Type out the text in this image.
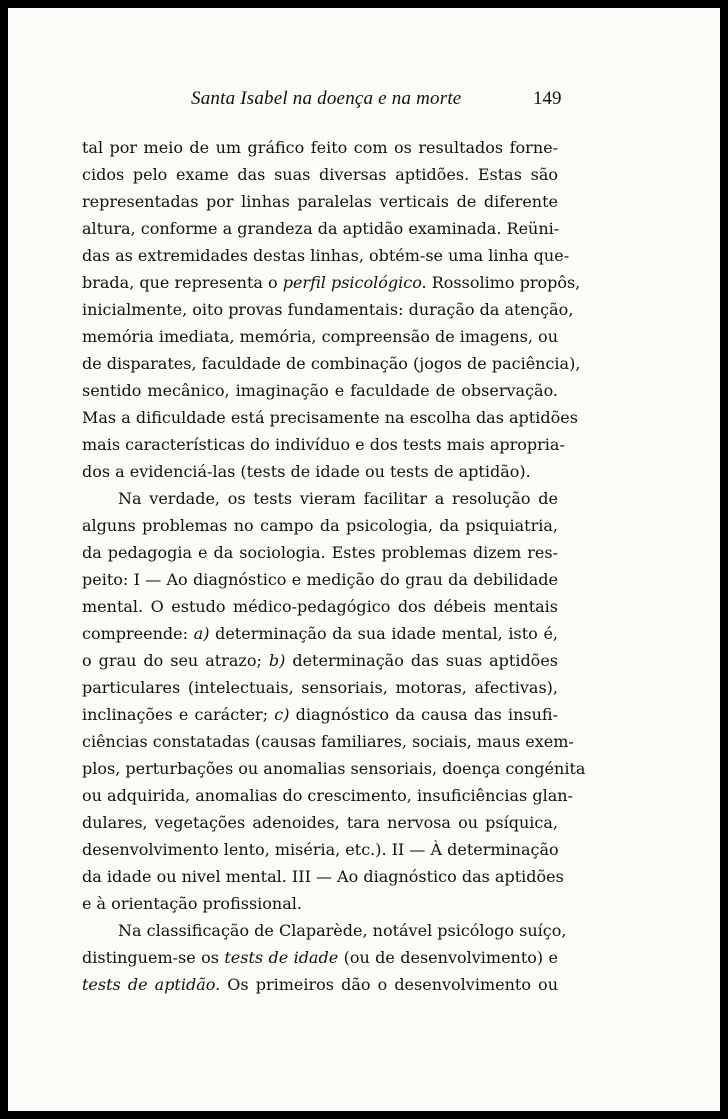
Santa Isabel na doença e na morte	149
tal por meio de um gráfico feito com os resultados forne-
cidos pelo exame das suas diversas aptidões. Estas são
representadas por linhas paralelas verticais de diferente
altura, conforme a grandeza da aptidão examinada. Reüni-
das as extremidades destas linhas, obtém-se uma linha que-
brada, que representa o perfil psicológico. Rossolimo propôs,
inicialmente, oito provas fundamentais: duração da atenção,
memória imediata, memória, compreensão de imagens, ou
de disparates, faculdade de combinação (jogos de paciência),
sentido mecânico, imaginação e faculdade de observação.
Mas a dificuldade está precisamente na escolha das aptidões
mais características do indivíduo e dos tests mais apropria-
dos a evidenciá-las (tests de idade ou tests de aptidão).
Na verdade, os tests vieram facilitar a resolução de
alguns problemas no campo da psicologia, da psiquiatria,
da pedagogia e da sociologia. Estes problemas dizem res-
peito: I — Ao diagnóstico e medição do grau da debilidade
mental. O estudo médico-pedagógico dos débeis mentais
compreende: a) determinação da sua idade mental, isto é,
o grau do seu atrazo; b) determinação das suas aptidões
particulares (intelectuais, sensoriais, motoras, afectivas),
inclinações e carácter; c) diagnóstico da causa das insufi-
ciências constatadas (causas familiares, sociais, maus exem-
plos, perturbações ou anomalias sensoriais, doença congénita
ou adquirida, anomalias do crescimento, insuficiências glan-
dulares, vegetações adenoides, tara nervosa ou psíquica,
desenvolvimento lento, miséria, etc.). II — À determinação
da idade ou nivel mental. III — Ao diagnóstico das aptidões
e à orientação profissional.
Na classificação de Claparède, notável psicólogo suíço,
distinguem-se os tests de idade (ou de desenvolvimento) e
tests de aptidão. Os primeiros dão o desenvolvimento ou
